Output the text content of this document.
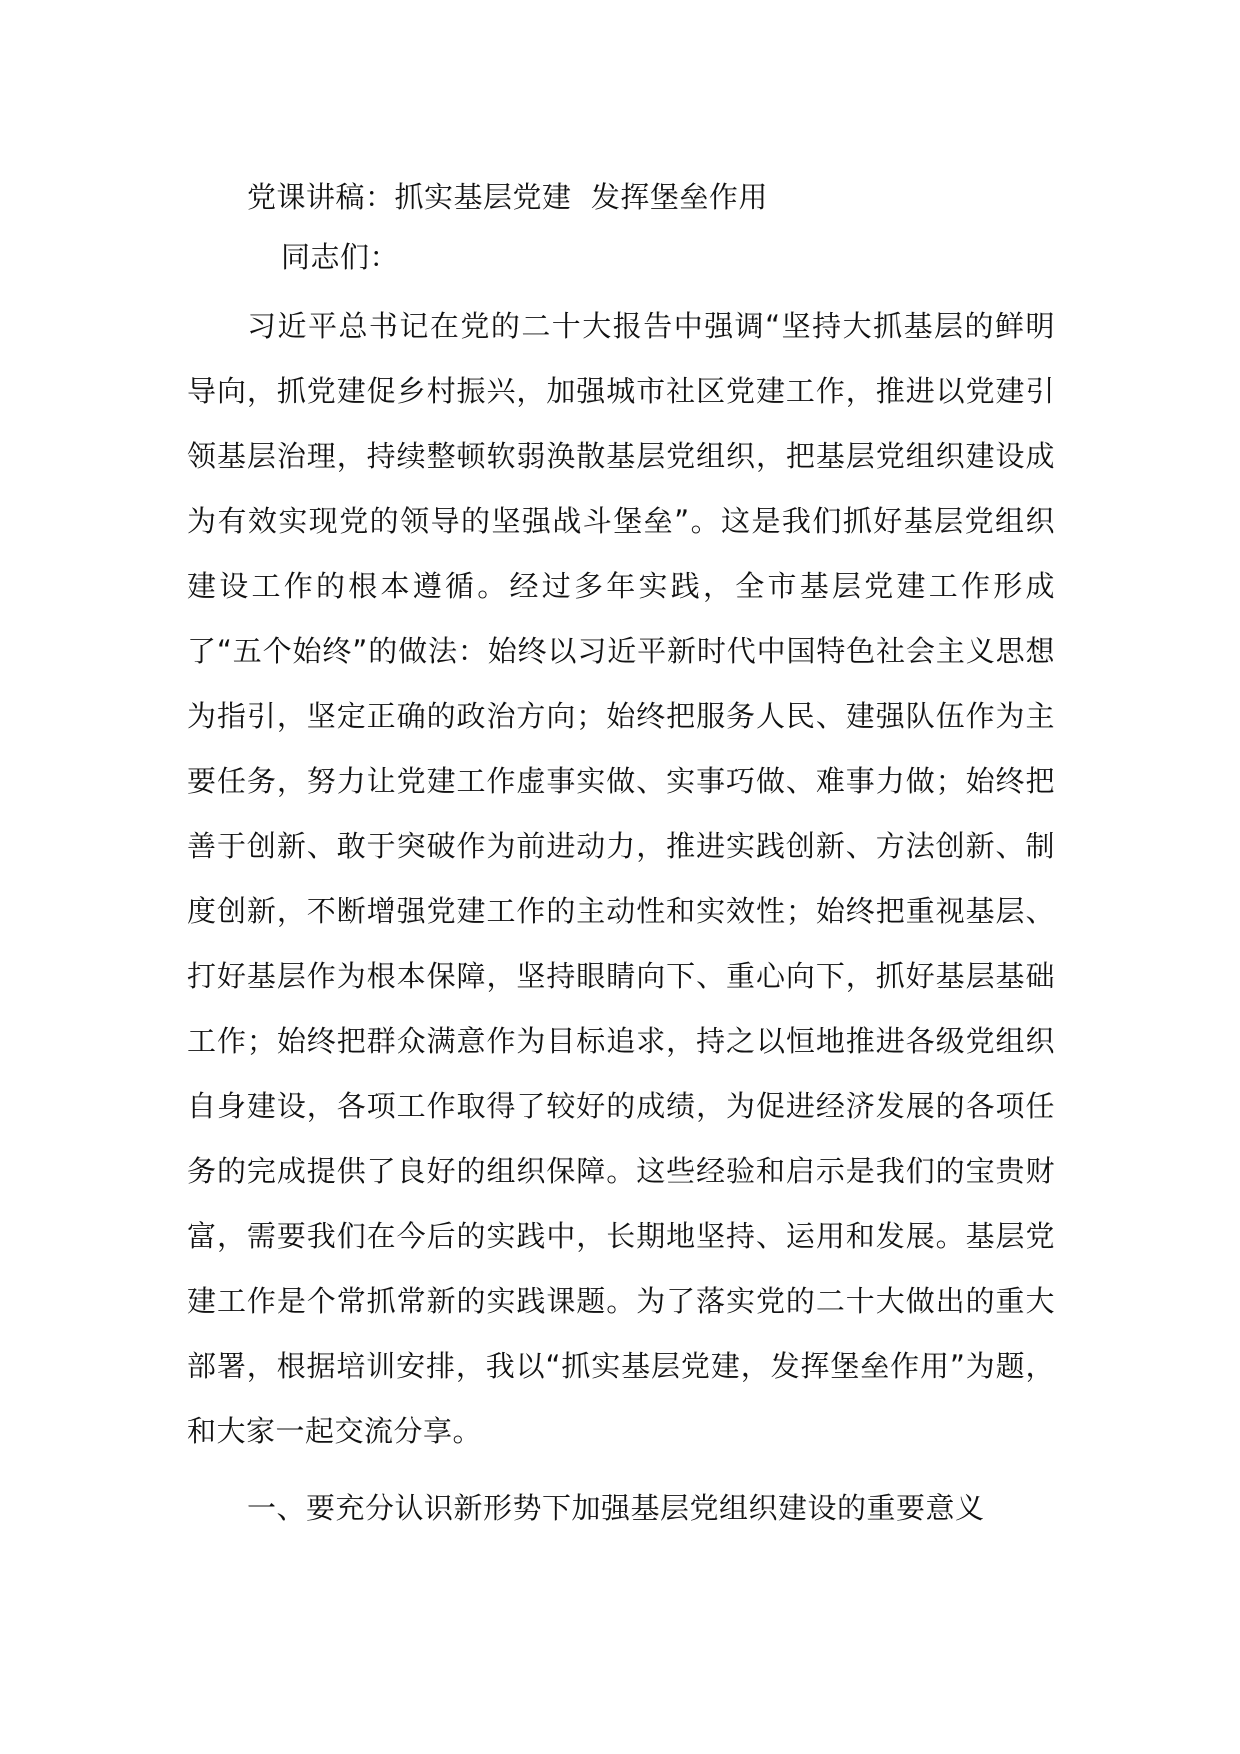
党课讲稿：抓实基层党建  发挥堡垒作用

同志们：

习近平总书记在党的二十大报告中强调“坚持大抓基层的鲜明导向，抓党建促乡村振兴，加强城市社区党建工作，推进以党建引领基层治理，持续整顿软弱涣散基层党组织，把基层党组织建设成为有效实现党的领导的坚强战斗堡垒”。这是我们抓好基层党组织建设工作的根本遵循。经过多年实践，全市基层党建工作形成了“五个始终”的做法：始终以习近平新时代中国特色社会主义思想为指引，坚定正确的政治方向；始终把服务人民、建强队伍作为主要任务，努力让党建工作虚事实做、实事巧做、难事力做；始终把善于创新、敢于突破作为前进动力，推进实践创新、方法创新、制度创新，不断增强党建工作的主动性和实效性；始终把重视基层、打好基层作为根本保障，坚持眼睛向下、重心向下，抓好基层基础工作；始终把群众满意作为目标追求，持之以恒地推进各级党组织自身建设，各项工作取得了较好的成绩，为促进经济发展的各项任务的完成提供了良好的组织保障。这些经验和启示是我们的宝贵财富，需要我们在今后的实践中，长期地坚持、运用和发展。基层党建工作是个常抓常新的实践课题。为了落实党的二十大做出的重大部署，根据培训安排，我以“抓实基层党建，发挥堡垒作用”为题，和大家一起交流分享。

一、要充分认识新形势下加强基层党组织建设的重要意义
